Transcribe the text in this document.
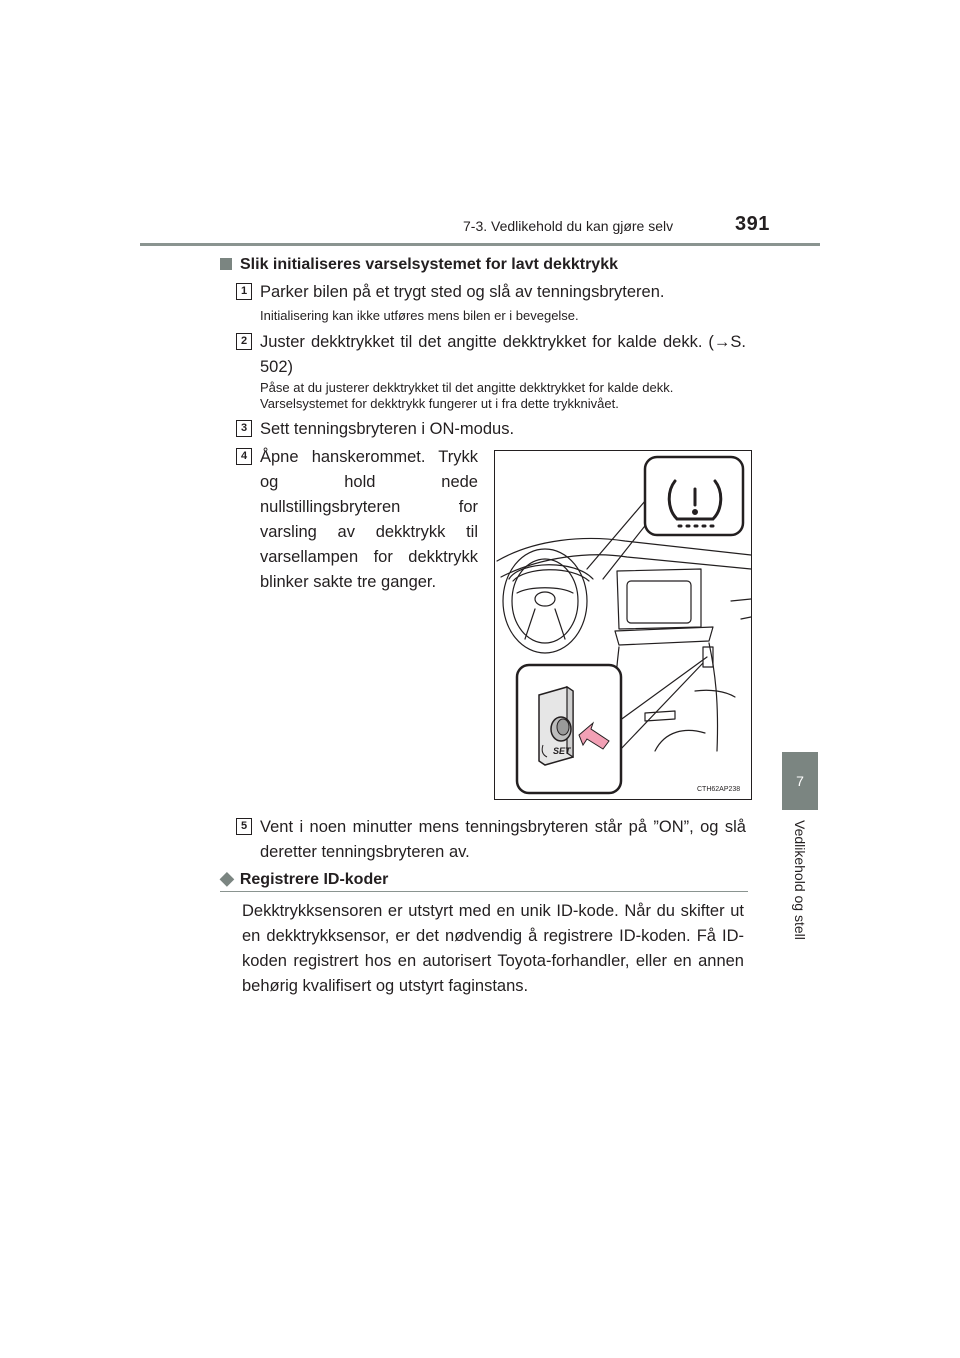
7-3. Vedlikehold du kan gjøre selv	391
7
Vedlikehold og stell
Slik initialiseres varselsystemet for lavt dekktrykk
1 Parker bilen på et trygt sted og slå av tenningsbryteren.
Initialisering kan ikke utføres mens bilen er i bevegelse.
2 Juster dekktrykket til det angitte dekktrykket for kalde dekk. (→S. 502)
Påse at du justerer dekktrykket til det angitte dekktrykket for kalde dekk. Varselsystemet for dekktrykk fungerer ut i fra dette trykknivået.
3 Sett tenningsbryteren i ON-modus.
4 Åpne hanskerommet. Trykk og hold nede nullstillingsbryteren for varsling av dekktrykk til varsellampen for dekktrykk blinker sakte tre ganger.
SET
CTH62AP238
5 Vent i noen minutter mens tenningsbryteren står på ”ON”, og slå deretter tenningsbryteren av.
◆ Registrere ID-koder
Dekktrykksensoren er utstyrt med en unik ID-kode. Når du skifter ut en dekktrykksensor, er det nødvendig å registrere ID-koden. Få ID-koden registrert hos en autorisert Toyota-forhandler, eller en annen behørig kvalifisert og utstyrt faginstans.
